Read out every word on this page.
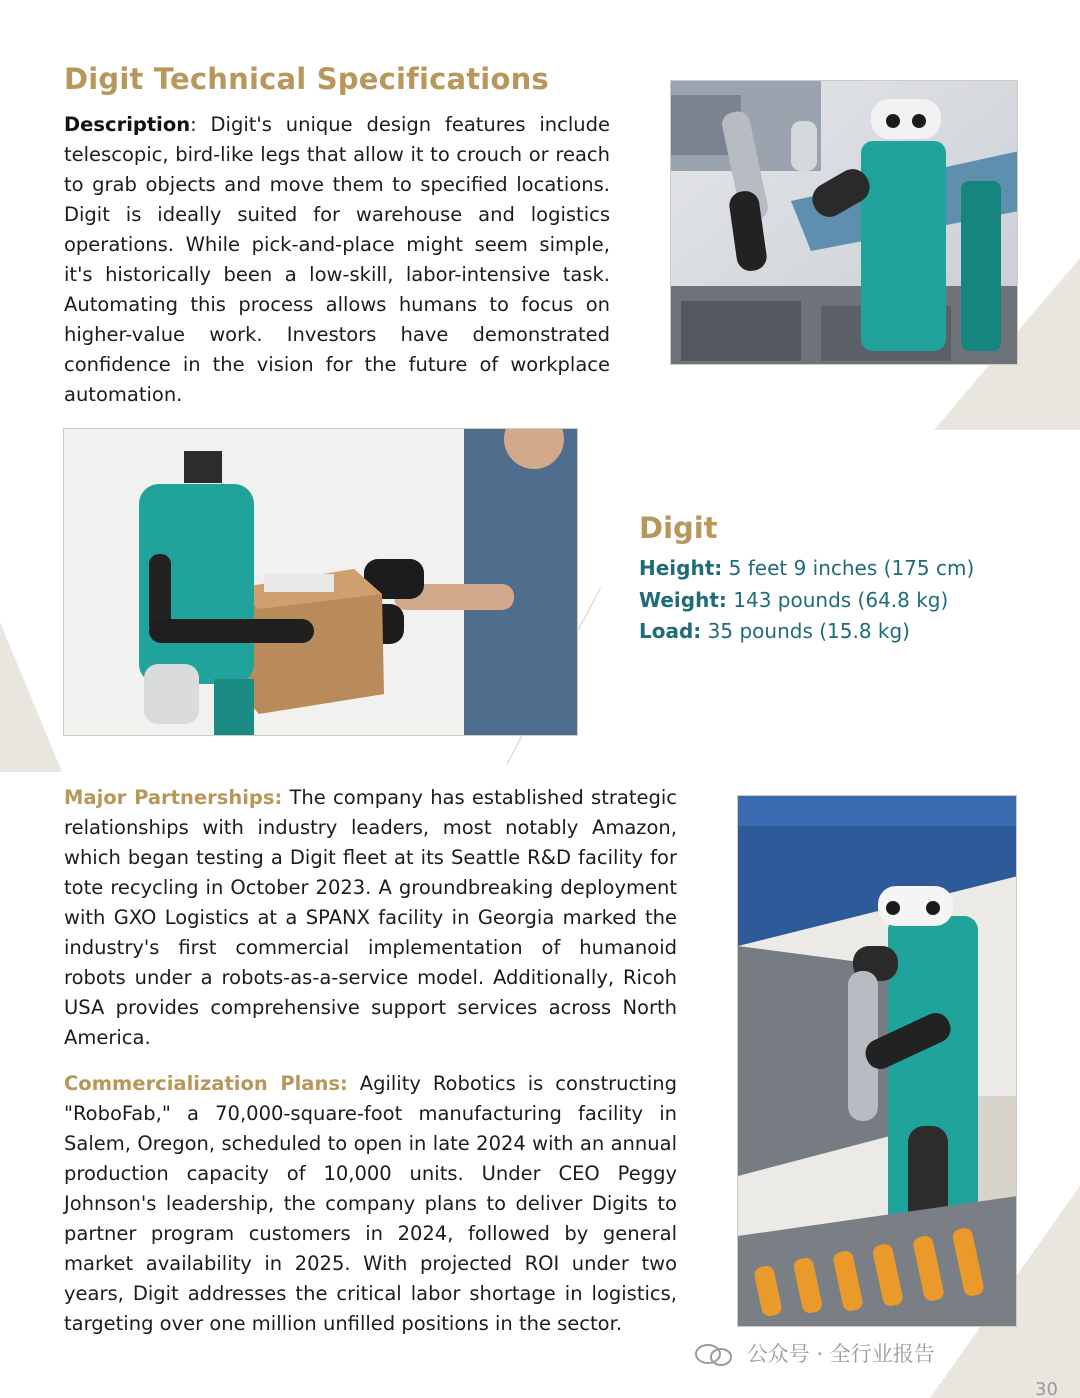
Digit Technical Specifications

Description: Digit's unique design features include telescopic, bird-like legs that allow it to crouch or reach to grab objects and move them to specified locations. Digit is ideally suited for warehouse and logistics operations. While pick-and-place might seem simple, it's historically been a low-skill, labor-intensive task. Automating this process allows humans to focus on higher-value work. Investors have demonstrated confidence in the vision for the future of workplace automation.

Digit
Height: 5 feet 9 inches (175 cm)
Weight: 143 pounds (64.8 kg)
Load: 35 pounds (15.8 kg)

Major Partnerships: The company has established strategic relationships with industry leaders, most notably Amazon, which began testing a Digit fleet at its Seattle R&D facility for tote recycling in October 2023. A groundbreaking deployment with GXO Logistics at a SPANX facility in Georgia marked the industry's first commercial implementation of humanoid robots under a robots-as-a-service model. Additionally, Ricoh USA provides comprehensive support services across North America.

Commercialization Plans: Agility Robotics is constructing "RoboFab," a 70,000-square-foot manufacturing facility in Salem, Oregon, scheduled to open in late 2024 with an annual production capacity of 10,000 units. Under CEO Peggy Johnson's leadership, the company plans to deliver Digits to partner program customers in 2024, followed by general market availability in 2025. With projected ROI under two years, Digit addresses the critical labor shortage in logistics, targeting over one million unfilled positions in the sector.

公众号 · 全行业报告
30
